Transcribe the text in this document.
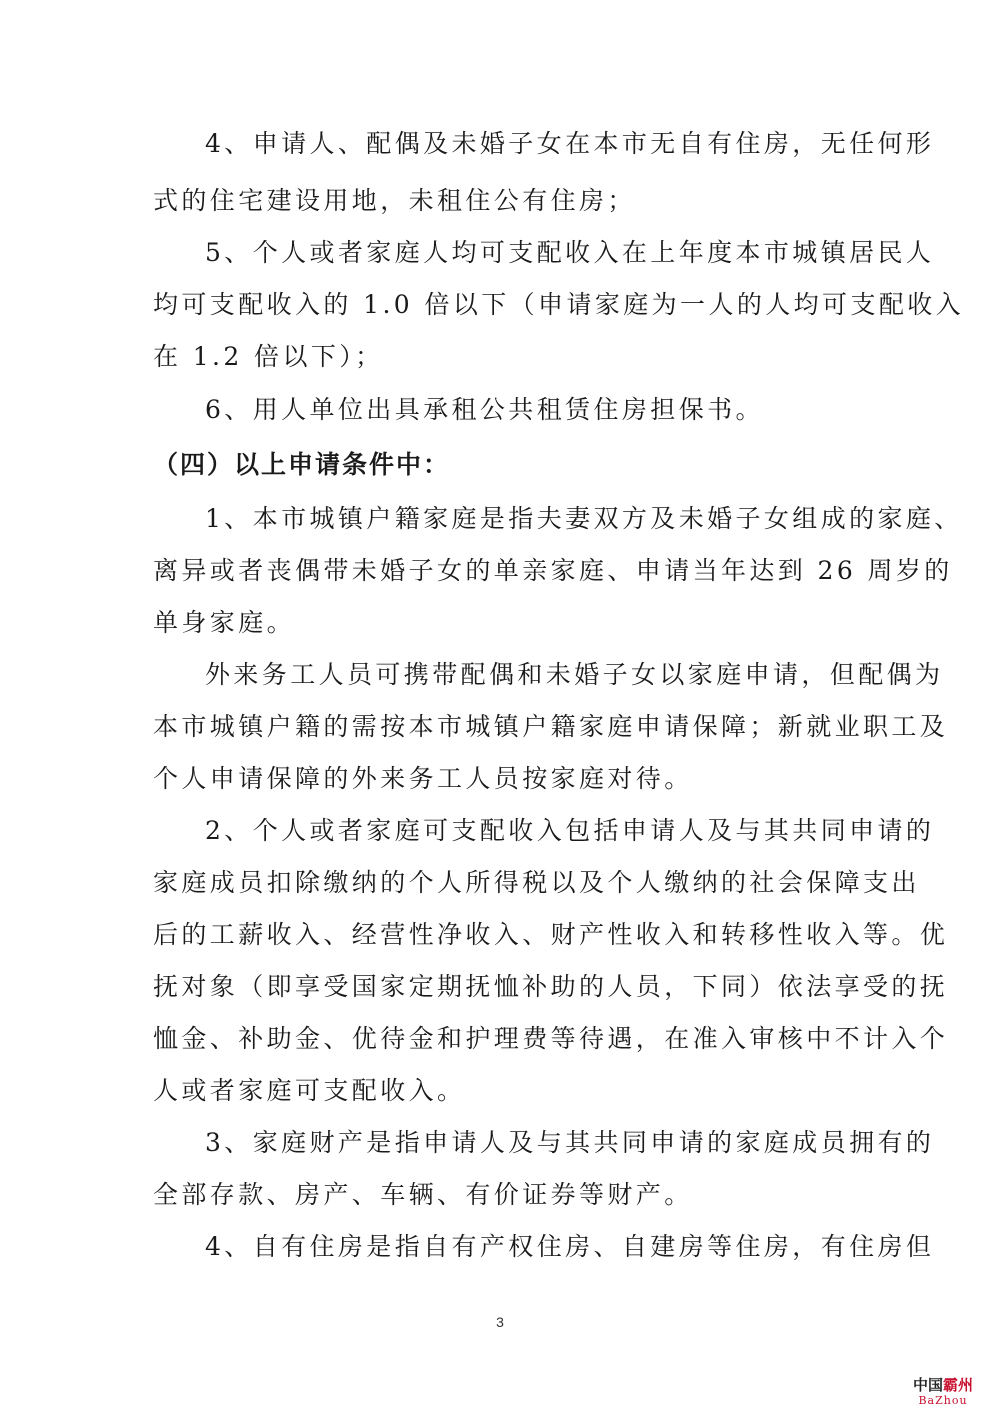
4、申请人、配偶及未婚子女在本市无自有住房，无任何形
式的住宅建设用地，未租住公有住房；
5、个人或者家庭人均可支配收入在上年度本市城镇居民人
均可支配收入的 1.0 倍以下（申请家庭为一人的人均可支配收入
在 1.2 倍以下）；
6、用人单位出具承租公共租赁住房担保书。
（四）以上申请条件中：
1、本市城镇户籍家庭是指夫妻双方及未婚子女组成的家庭、
离异或者丧偶带未婚子女的单亲家庭、申请当年达到 26 周岁的
单身家庭。
外来务工人员可携带配偶和未婚子女以家庭申请，但配偶为
本市城镇户籍的需按本市城镇户籍家庭申请保障；新就业职工及
个人申请保障的外来务工人员按家庭对待。
2、个人或者家庭可支配收入包括申请人及与其共同申请的
家庭成员扣除缴纳的个人所得税以及个人缴纳的社会保障支出
后的工薪收入、经营性净收入、财产性收入和转移性收入等。优
抚对象（即享受国家定期抚恤补助的人员，下同）依法享受的抚
恤金、补助金、优待金和护理费等待遇，在准入审核中不计入个
人或者家庭可支配收入。
3、家庭财产是指申请人及与其共同申请的家庭成员拥有的
全部存款、房产、车辆、有价证券等财产。
4、自有住房是指自有产权住房、自建房等住房，有住房但
3
中国霸州
BaZhou
